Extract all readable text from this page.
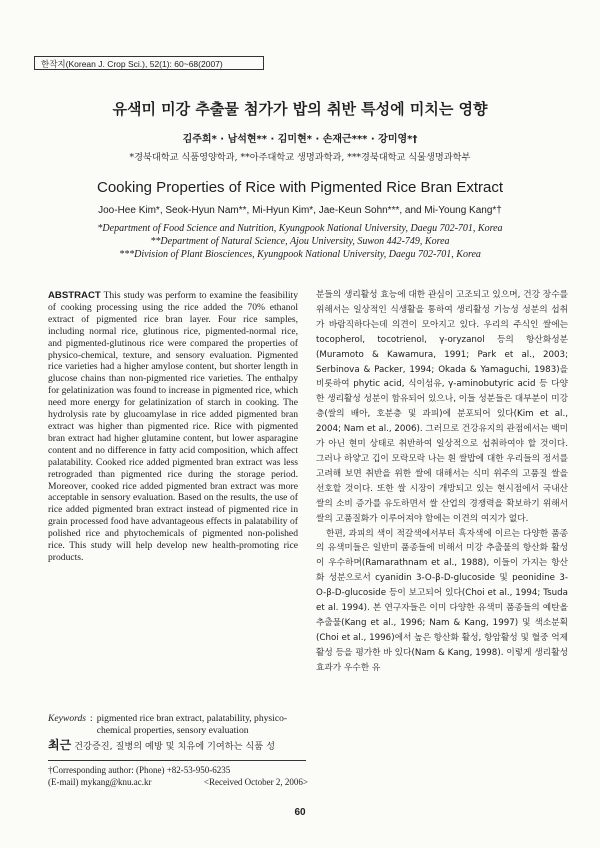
한작지(Korean J. Crop Sci.), 52(1): 60~68(2007)
유색미 미강 추출물 첨가가 밥의 취반 특성에 미치는 영향
김주희* · 남석현** · 김미현* · 손재근*** · 강미영*†
*경북대학교 식품영양학과, **아주대학교 생명과학과, ***경북대학교 식물생명과학부
Cooking Properties of Rice with Pigmented Rice Bran Extract
Joo-Hee Kim*, Seok-Hyun Nam**, Mi-Hyun Kim*, Jae-Keun Sohn***, and Mi-Young Kang*†
*Department of Food Science and Nutrition, Kyungpook National University, Daegu 702-701, Korea
**Department of Natural Science, Ajou University, Suwon 442-749, Korea
***Division of Plant Biosciences, Kyungpook National University, Daegu 702-701, Korea
ABSTRACT This study was perform to examine the feasibility of cooking processing using the rice added the 70% ethanol extract of pigmented rice bran layer. Four rice samples, including normal rice, glutinous rice, pigmented-normal rice, and pigmented-glutinous rice were compared the properties of physico-chemical, texture, and sensory evaluation. Pigmented rice varieties had a higher amylose content, but shorter length in glucose chains than non-pigmented rice varieties. The enthalpy for gelatinization was found to increase in pigmented rice, which need more energy for gelatinization of starch in cooking. The hydrolysis rate by glucoamylase in rice added pigmented bran extract was higher than pigmented rice. Rice with pigmented bran extract had higher glutamine content, but lower asparagine content and no difference in fatty acid composition, which affect palatability. Cooked rice added pigmented bran extract was less retrograded than pigmented rice during the storage period. Moreover, cooked rice added pigmented bran extract was more acceptable in sensory evaluation. Based on the results, the use of rice added pigmented bran extract instead of pigmented rice in grain processed food have advantageous effects in palatability of polished rice and phytochemicals of pigmented non-polished rice. This study will help develop new health-promoting rice products.
Keywords : pigmented rice bran extract, palatability, physico-chemical properties, sensory evaluation
최근 건강증진, 질병의 예방 및 치유에 기여하는 식품 성
†Corresponding author: (Phone) +82-53-950-6235
(E-mail) mykang@knu.ac.kr	<Received October 2, 2006>

분들의 생리활성 효능에 대한 관심이 고조되고 있으며, 건강 장수를 위해서는 일상적인 식생활을 통하여 생리활성 기능성 성분의 섭취가 바람직하다는데 의견이 모아지고 있다. 우리의 주식인 쌀에는 tocopherol, tocotrienol, γ-oryzanol 등의 항산화성분(Muramoto & Kawamura, 1991; Park et al., 2003; Serbinova & Packer, 1994; Okada & Yamaguchi, 1983)을 비롯하여 phytic acid, 식이섬유, γ-aminobutyric acid 등 다양한 생리활성 성분이 함유되어 있으나, 이들 성분들은 대부분이 미강층(쌀의 배아, 호분층 및 과피)에 분포되어 있다(Kim et al., 2004; Nam et al., 2006). 그러므로 건강유지의 관점에서는 백미가 아닌 현미 상태로 취반하여 일상적으로 섭취하여야 할 것이다. 그러나 하얗고 깁이 모락모락 나는 흰 쌀밥에 대한 우리들의 정서를 고려해 보면 취반을 위한 쌀에 대해서는 식미 위주의 고품질 쌀을 선호할 것이다. 또한 쌀 시장이 개방되고 있는 현시점에서 국내산 쌀의 소비 증가를 유도하면서 쌀 산업의 경쟁력을 확보하기 위해서 쌀의 고품질화가 이루어져야 함에는 이견의 여지가 없다.

한편, 과피의 색이 적갈색에서부터 흑자색에 이르는 다양한 품종의 유색미들은 일반미 품종들에 비해서 미강 추출물의 항산화 활성이 우수하며(Ramarathnam et al., 1988), 이들이 가지는 항산화 성분으로서 cyanidin 3-O-β-D-glucoside 및 peonidine 3-O-β-D-glucoside 등이 보고되어 있다(Choi et al., 1994; Tsuda et al. 1994). 본 연구자들은 이미 다양한 유색미 품종들의 예탄올 추출물(Kang et al., 1996; Nam & Kang, 1997) 및 색소분획(Choi et al., 1996)에서 높은 항산화 활성, 항암활성 및 혈중 억제활성 등을 평가한 바 있다(Nam & Kang, 1998). 이렇게 생리활성 효과가 우수한 유

60
